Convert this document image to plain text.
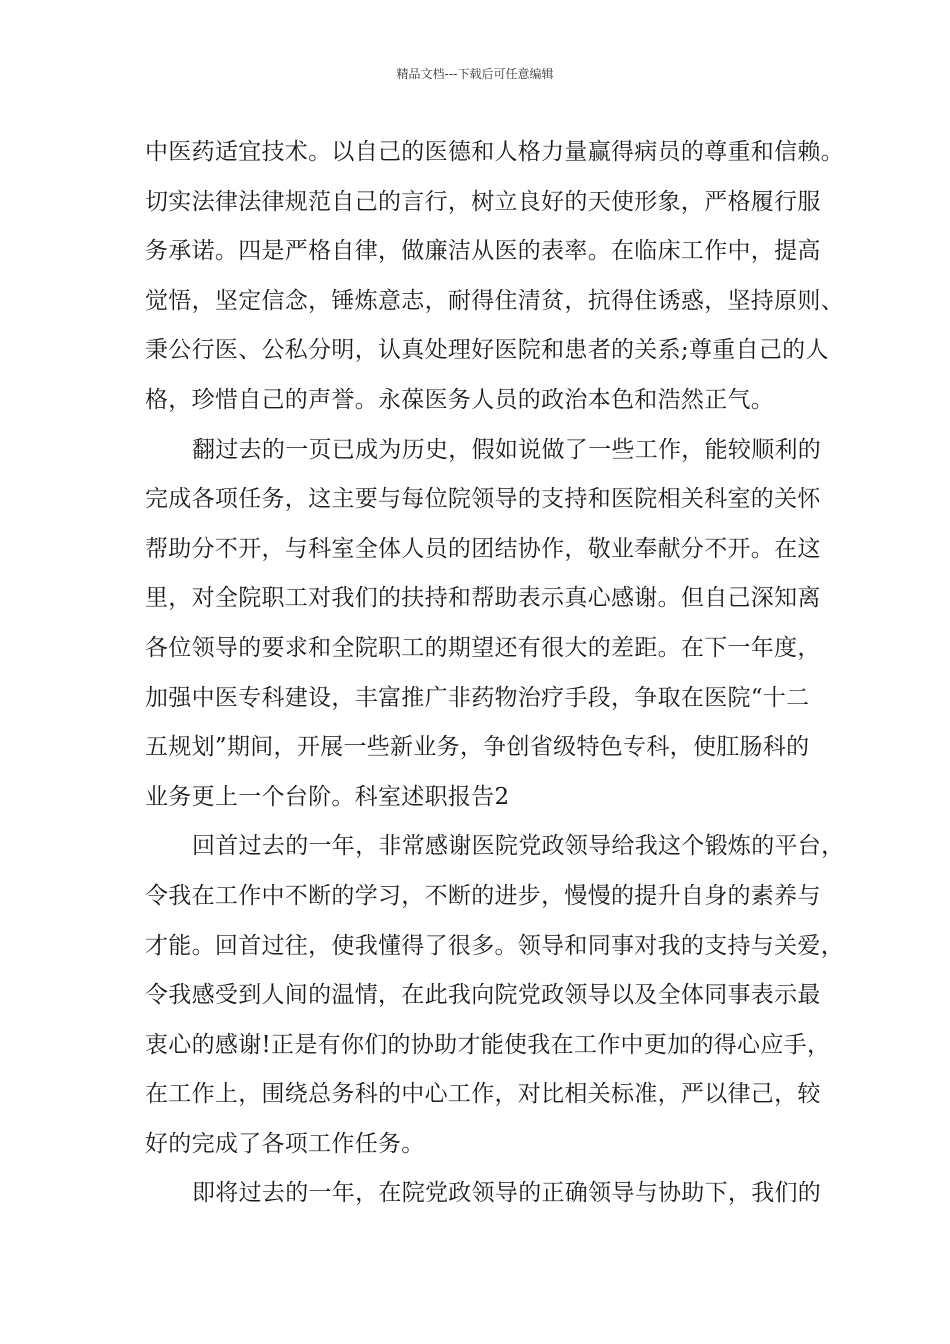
精品文档---下载后可任意编辑
中医药适宜技术。以自己的医德和人格力量赢得病员的尊重和信赖。
切实法律法律规范自己的言行，树立良好的天使形象，严格履行服
务承诺。四是严格自律，做廉洁从医的表率。在临床工作中，提高
觉悟，坚定信念，锤炼意志，耐得住清贫，抗得住诱惑，坚持原则、
秉公行医、公私分明，认真处理好医院和患者的关系;尊重自己的人
格，珍惜自己的声誉。永葆医务人员的政治本色和浩然正气。
翻过去的一页已成为历史，假如说做了一些工作，能较顺利的
完成各项任务，这主要与每位院领导的支持和医院相关科室的关怀
帮助分不开，与科室全体人员的团结协作，敬业奉献分不开。在这
里，对全院职工对我们的扶持和帮助表示真心感谢。但自己深知离
各位领导的要求和全院职工的期望还有很大的差距。在下一年度，
加强中医专科建设，丰富推广非药物治疗手段，争取在医院“十二
五规划”期间，开展一些新业务，争创省级特色专科，使肛肠科的
业务更上一个台阶。科室述职报告2
回首过去的一年，非常感谢医院党政领导给我这个锻炼的平台，
令我在工作中不断的学习，不断的进步，慢慢的提升自身的素养与
才能。回首过往，使我懂得了很多。领导和同事对我的支持与关爱，
令我感受到人间的温情，在此我向院党政领导以及全体同事表示最
衷心的感谢!正是有你们的协助才能使我在工作中更加的得心应手，
在工作上，围绕总务科的中心工作，对比相关标准，严以律己，较
好的完成了各项工作任务。
即将过去的一年，在院党政领导的正确领导与协助下，我们的
